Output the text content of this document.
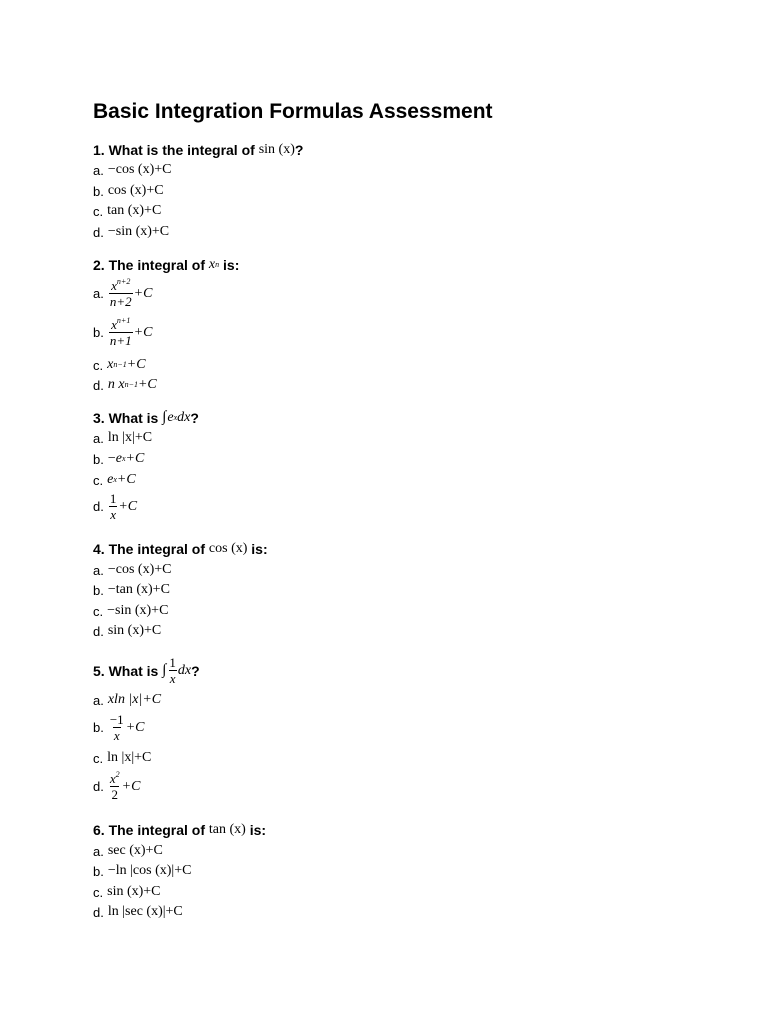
Basic Integration Formulas Assessment
1. What is the integral of
sin (x) ?
a. −cos (x)+C
b. cos (x)+C
c. tan (x)+C
d. −sin (x)+C
2. The integral of
x n
is:
a. $\frac{x^{n+2}}{n+2} +C$
b. $\frac{x^{n+1}}{n+1} +C$
c. x n−1 +C
d. n
x n−1 +C
3. What is
∫ e x dx ?
a. ln |x|+C
b. − e x +C
c. e x +C
d. $\frac{1}{x} +C$
4. The integral of
cos (x)
is:
a. −cos (x)+C
b. −tan (x)+C
c. −sin (x)+C
d. sin (x)+C
5. What is
∫ $\frac{1}{x}$ dx ?
a. xln |x|+C
b. $\frac{-1}{x} +C$
c. ln |x|+C
d. $\frac{x^2}{2} +C$
6. The integral of
tan (x)
is:
a. sec (x)+C
b. −ln |cos (x)|+C
c. sin (x)+C
d. ln |sec (x)|+C
